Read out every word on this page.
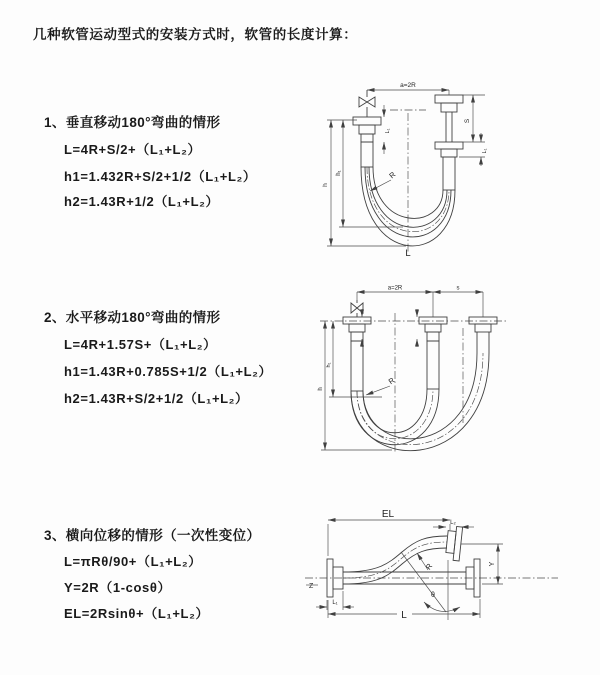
几种软管运动型式的安装方式时，软管的长度计算：
1、垂直移动180°弯曲的情形
L=4R+S/2+（L₁+L₂）
h1=1.432R+S/2+1/2（L₁+L₂）
h2=1.43R+1/2（L₁+L₂）
2、水平移动180°弯曲的情形
L=4R+1.57S+（L₁+L₂）
h1=1.43R+0.785S+1/2（L₁+L₂）
h2=1.43R+S/2+1/2（L₁+L₂）
3、横向位移的情形（一次性变位）
L=πRθ/90+（L₁+L₂）
Y=2R（1-cosθ）
EL=2Rsinθ+（L₁+L₂）
a=2R
h
h₁
L₁
S
L₁
R
L
a=2R	s
h
h₁
R
Z
EL
L₂
Y
θ
R
L₁
L
